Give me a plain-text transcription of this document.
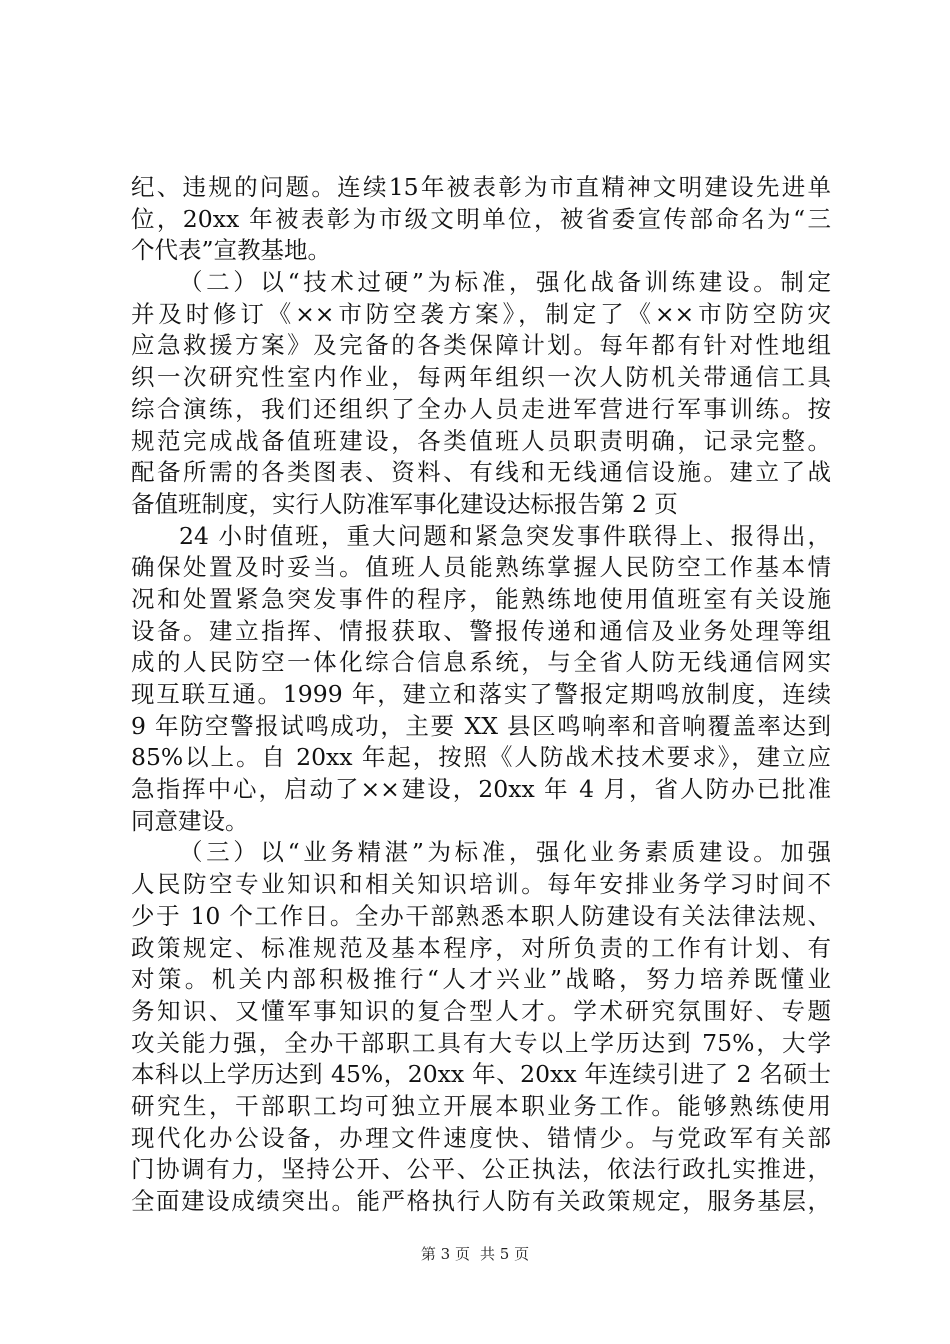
纪、违规的问题。连续15年被表彰为市直精神文明建设先进单
位，20xx 年被表彰为市级文明单位，被省委宣传部命名为“三
个代表”宣教基地。
（二）以“技术过硬”为标准，强化战备训练建设。制定
并及时修订《××市防空袭方案》，制定了《××市防空防灾
应急救援方案》及完备的各类保障计划。每年都有针对性地组
织一次研究性室内作业，每两年组织一次人防机关带通信工具
综合演练，我们还组织了全办人员走进军营进行军事训练。按
规范完成战备值班建设，各类值班人员职责明确，记录完整。
配备所需的各类图表、资料、有线和无线通信设施。建立了战
备值班制度，实行人防准军事化建设达标报告第 2 页
24 小时值班，重大问题和紧急突发事件联得上、报得出，
确保处置及时妥当。值班人员能熟练掌握人民防空工作基本情
况和处置紧急突发事件的程序，能熟练地使用值班室有关设施
设备。建立指挥、情报获取、警报传递和通信及业务处理等组
成的人民防空一体化综合信息系统，与全省人防无线通信网实
现互联互通。1999 年，建立和落实了警报定期鸣放制度，连续
9 年防空警报试鸣成功，主要 XX 县区鸣响率和音响覆盖率达到
85%以上。自 20xx 年起，按照《人防战术技术要求》，建立应
急指挥中心，启动了××建设，20xx 年 4 月，省人防办已批准
同意建设。
（三）以“业务精湛”为标准，强化业务素质建设。加强
人民防空专业知识和相关知识培训。每年安排业务学习时间不
少于 10 个工作日。全办干部熟悉本职人防建设有关法律法规、
政策规定、标准规范及基本程序，对所负责的工作有计划、有
对策。机关内部积极推行“人才兴业”战略，努力培养既懂业
务知识、又懂军事知识的复合型人才。学术研究氛围好、专题
攻关能力强，全办干部职工具有大专以上学历达到 75%，大学
本科以上学历达到 45%，20xx 年、20xx 年连续引进了 2 名硕士
研究生，干部职工均可独立开展本职业务工作。能够熟练使用
现代化办公设备，办理文件速度快、错情少。与党政军有关部
门协调有力，坚持公开、公平、公正执法，依法行政扎实推进，
全面建设成绩突出。能严格执行人防有关政策规定，服务基层，
第 3 页 共 5 页
